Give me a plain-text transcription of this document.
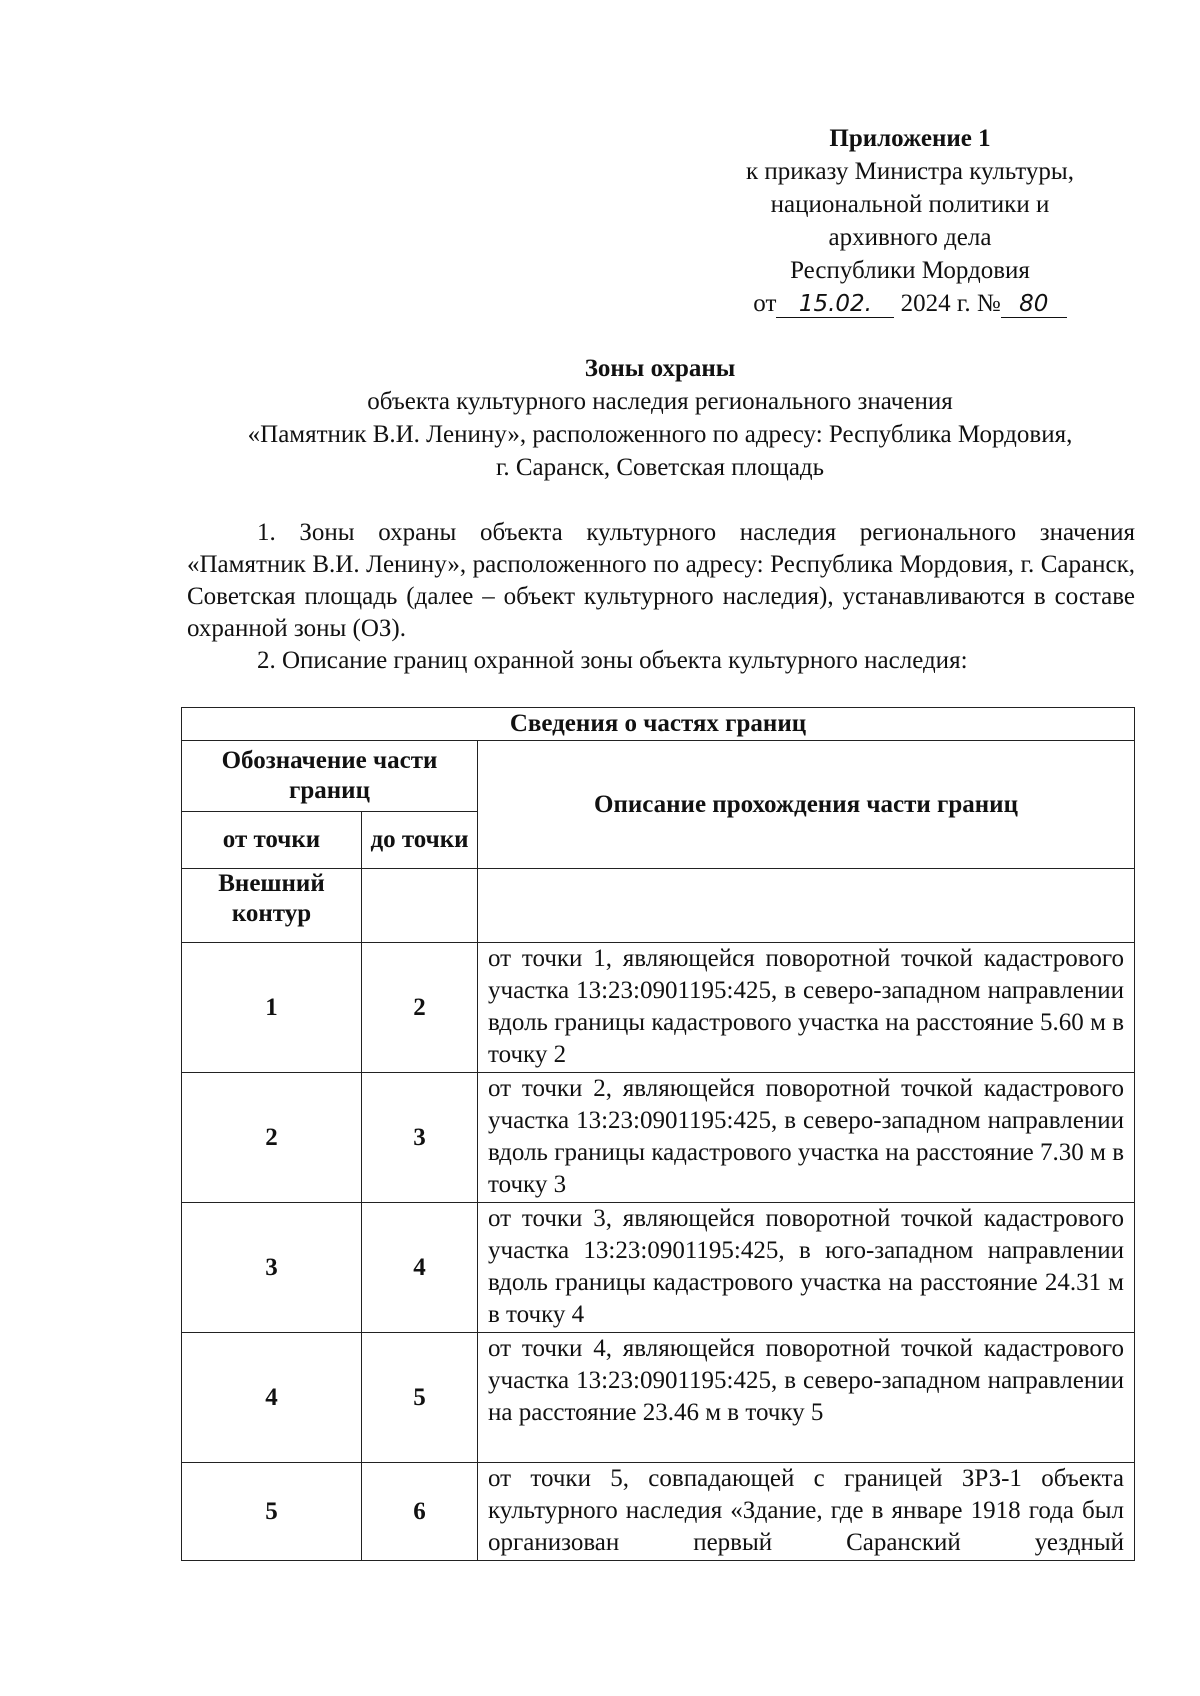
Приложение 1
к приказу Министра культуры,
национальной политики и
архивного дела
Республики Мордовия
от 15.02. 2024 г. № 80
Зоны охраны
объекта культурного наследия регионального значения
«Памятник В.И. Ленину», расположенного по адресу: Республика Мордовия,
г. Саранск, Советская площадь

1. Зоны охраны объекта культурного наследия регионального значения «Памятник В.И. Ленину», расположенного по адресу: Республика Мордовия, г. Саранск, Советская площадь (далее – объект культурного наследия), устанавливаются в составе охранной зоны (ОЗ).

2. Описание границ охранной зоны объекта культурного наследия:

Сведения о частях границ		
Обозначение части границ		Описание прохождения части границ
от точки	до точки	
Внешний контур		
1	2	от точки 1, являющейся поворотной точкой кадастрового участка 13:23:0901195:425, в северо-западном направлении вдоль границы кадастрового участка на расстояние 5.60 м в точку 2
2	3	от точки 2, являющейся поворотной точкой кадастрового участка 13:23:0901195:425, в северо-западном направлении вдоль границы кадастрового участка на расстояние 7.30 м в точку 3
3	4	от точки 3, являющейся поворотной точкой кадастрового участка 13:23:0901195:425, в юго-западном направлении вдоль границы кадастрового участка на расстояние 24.31 м в точку 4
4	5	от точки 4, являющейся поворотной точкой кадастрового участка 13:23:0901195:425, в северо-западном направлении на расстояние 23.46 м в точку 5
5	6	от точки 5, совпадающей с границей ЗРЗ-1 объекта культурного наследия «Здание, где в январе 1918 года был организован первый Саранский уездный
